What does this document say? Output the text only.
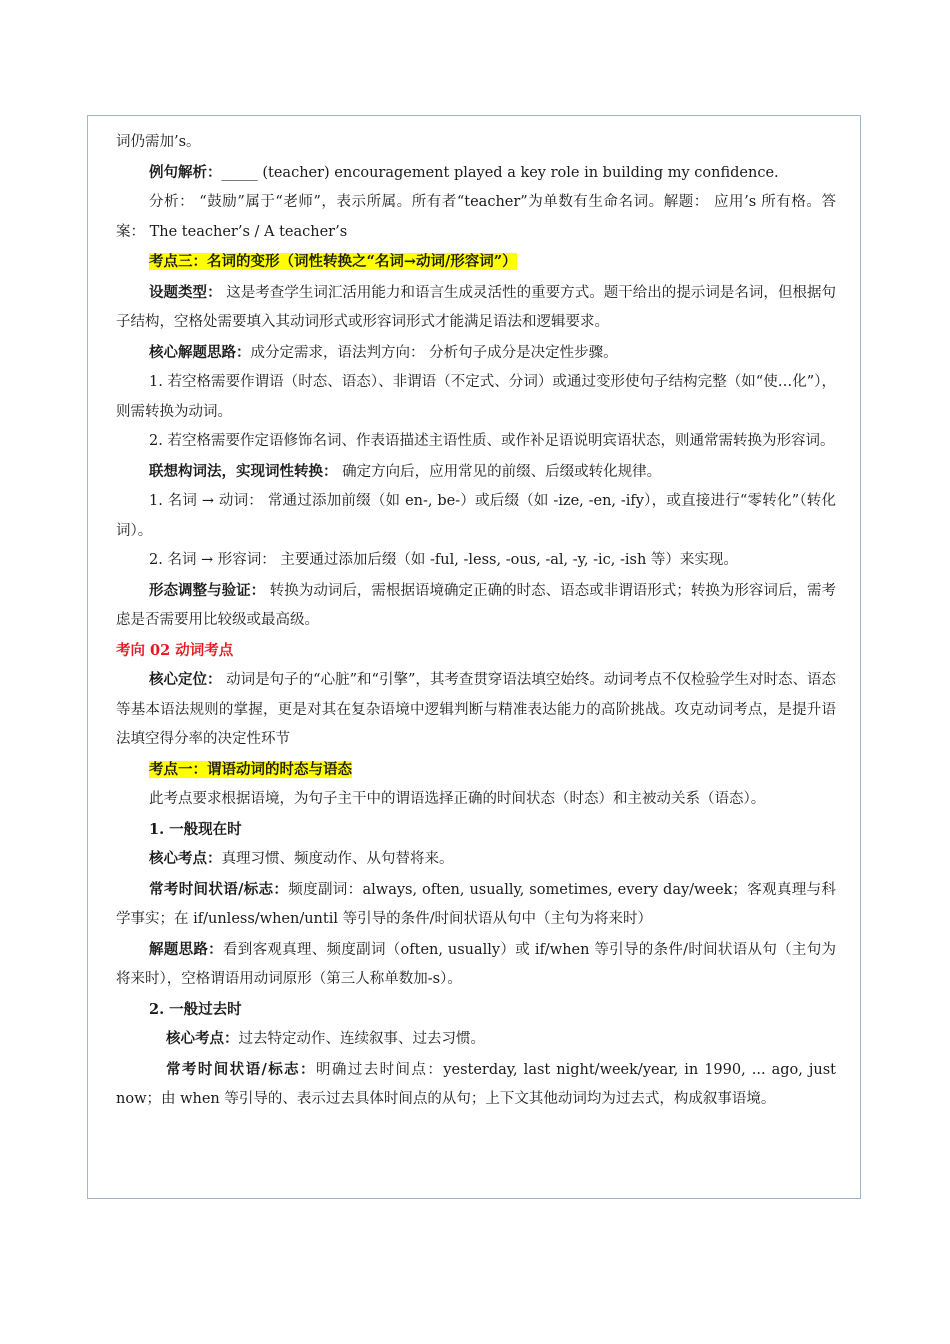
词仍需加’s。

例句解析：_____ (teacher) encouragement played a key role in building my confidence.

分析： “鼓励”属于“老师”，表示所属。所有者“teacher”为单数有生命名词。解题： 应用’s 所有格。答案： The teacher’s / A teacher’s

考点三：名词的变形（词性转换之“名词→动词/形容词”）

设题类型： 这是考查学生词汇活用能力和语言生成灵活性的重要方式。题干给出的提示词是名词，但根据句子结构，空格处需要填入其动词形式或形容词形式才能满足语法和逻辑要求。

核心解题思路：成分定需求，语法判方向： 分析句子成分是决定性步骤。

1. 若空格需要作谓语（时态、语态）、非谓语（不定式、分词）或通过变形使句子结构完整（如“使…化”），则需转换为动词。

2. 若空格需要作定语修饰名词、作表语描述主语性质、或作补足语说明宾语状态，则通常需转换为形容词。

联想构词法，实现词性转换： 确定方向后，应用常见的前缀、后缀或转化规律。

1. 名词 → 动词： 常通过添加前缀（如 en-, be-）或后缀（如 -ize, -en, -ify），或直接进行“零转化”（转化词）。

2. 名词 → 形容词： 主要通过添加后缀（如 -ful, -less, -ous, -al, -y, -ic, -ish 等）来实现。

形态调整与验证： 转换为动词后，需根据语境确定正确的时态、语态或非谓语形式；转换为形容词后，需考虑是否需要用比较级或最高级。

考向 02 动词考点

核心定位： 动词是句子的“心脏”和“引擎”，其考查贯穿语法填空始终。动词考点不仅检验学生对时态、语态等基本语法规则的掌握，更是对其在复杂语境中逻辑判断与精准表达能力的高阶挑战。攻克动词考点，是提升语法填空得分率的决定性环节

考点一：谓语动词的时态与语态

此考点要求根据语境，为句子主干中的谓语选择正确的时间状态（时态）和主被动关系（语态）。

1. 一般现在时

核心考点：真理习惯、频度动作、从句替将来。

常考时间状语/标志：频度副词：always, often, usually, sometimes, every day/week；客观真理与科学事实；在 if/unless/when/until 等引导的条件/时间状语从句中（主句为将来时）

解题思路：看到客观真理、频度副词（often, usually）或 if/when 等引导的条件/时间状语从句（主句为将来时），空格谓语用动词原形（第三人称单数加-s）。

2. 一般过去时

核心考点：过去特定动作、连续叙事、过去习惯。

常考时间状语/标志：明确过去时间点：yesterday, last night/week/year, in 1990, ... ago, just now；由 when 等引导的、表示过去具体时间点的从句；上下文其他动词均为过去式，构成叙事语境。
